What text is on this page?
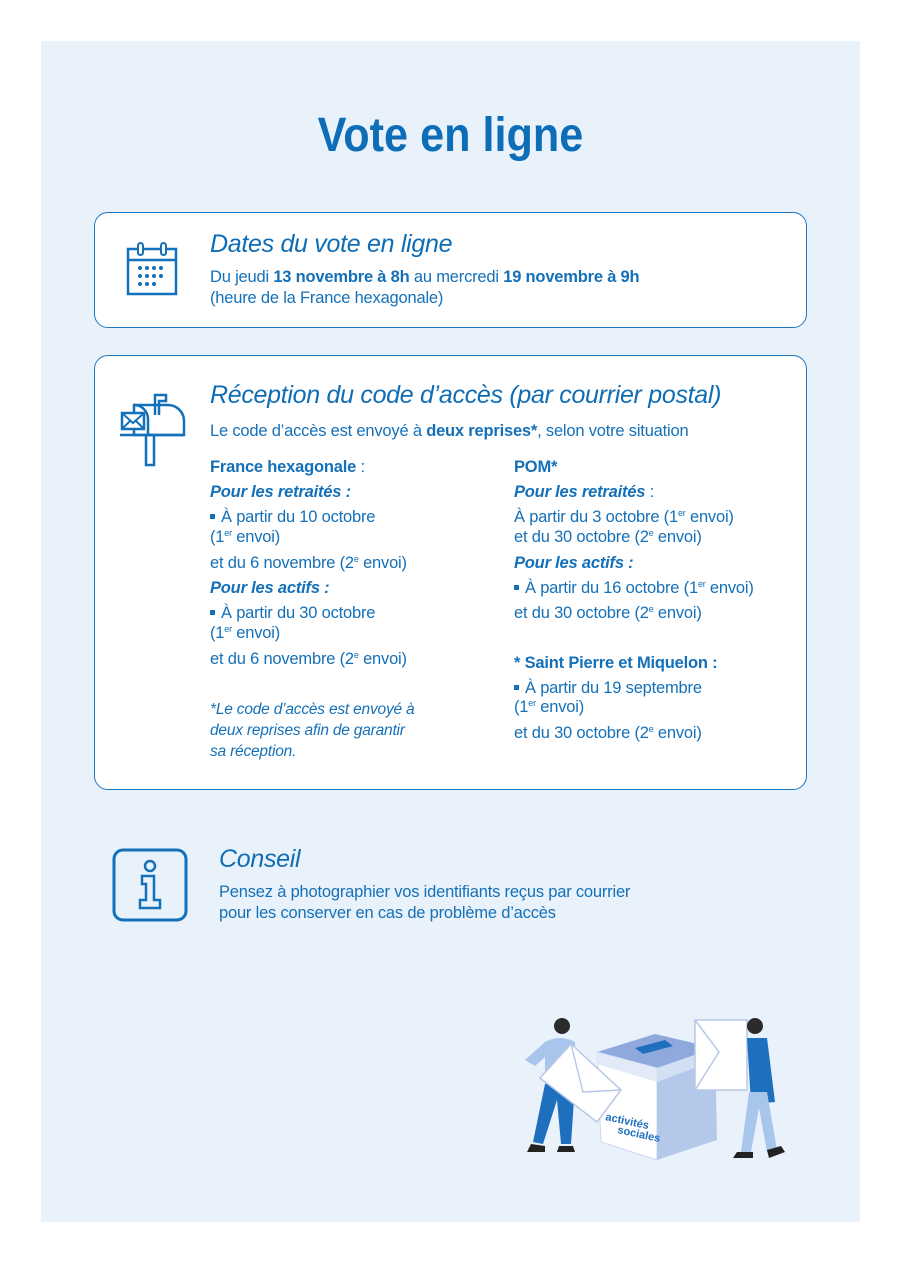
Vote en ligne
Dates du vote en ligne
Du jeudi 13 novembre à 8h au mercredi 19 novembre à 9h
(heure de la France hexagonale)
Réception du code d’accès (par courrier postal)
Le code d’accès est envoyé à deux reprises*, selon votre situation
France hexagonale :
Pour les retraités :
À partir du 10 octobre
(1er envoi)
et du 6 novembre (2e envoi)
Pour les actifs :
À partir du 30 octobre
(1er envoi)
et du 6 novembre (2e envoi)
*Le code d’accès est envoyé à
deux reprises afin de garantir
sa réception.
POM*
Pour les retraités :
À partir du 3 octobre (1er envoi)
et du 30 octobre (2e envoi)
Pour les actifs :
À partir du 16 octobre (1er envoi)
et du 30 octobre (2e envoi)
* Saint Pierre et Miquelon :
À partir du 19 septembre
(1er envoi)
et du 30 octobre (2e envoi)
Conseil
Pensez à photographier vos identifiants reçus par courrier
pour les conserver en cas de problème d’accès
activités
sociales
